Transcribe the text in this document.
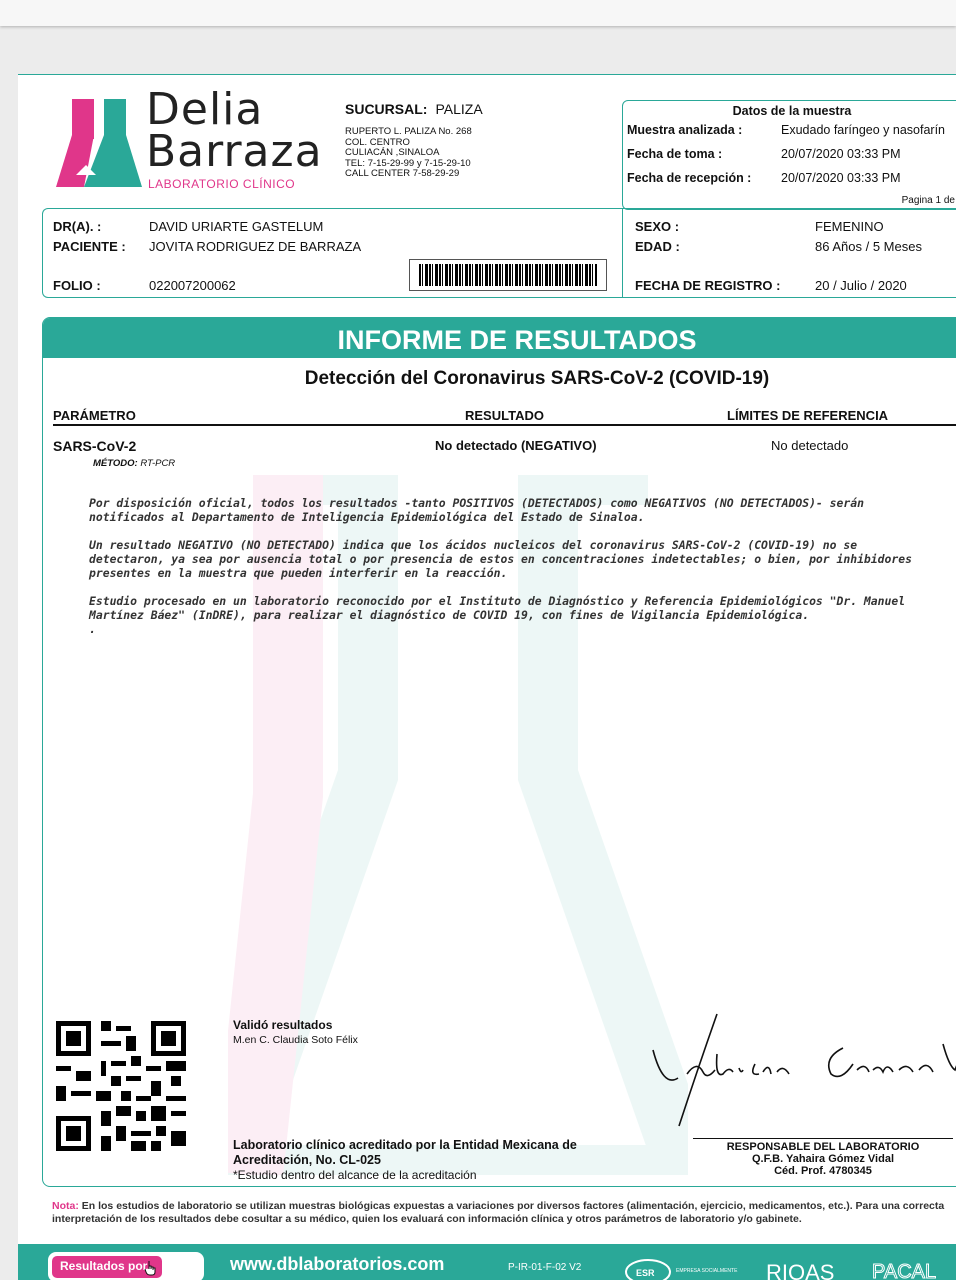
Delia
Barraza
LABORATORIO CLÍNICO
SUCURSAL: PALIZA
RUPERTO L. PALIZA No. 268
COL. CENTRO
CULIACÁN ,SINALOA
TEL: 7-15-29-99 y 7-15-29-10
CALL CENTER 7-58-29-29
Datos de la muestra
Muestra analizada :	Exudado faríngeo y nasofarín
Fecha de toma :	20/07/2020 03:33 PM
Fecha de recepción :	20/07/2020 03:33 PM
Pagina 1 de
DR(A). :	DAVID URIARTE GASTELUM
PACIENTE :	JOVITA RODRIGUEZ DE BARRAZA
FOLIO :	022007200062
SEXO :	FEMENINO
EDAD :	86 Años / 5 Meses
FECHA DE REGISTRO :	20 / Julio / 2020
INFORME DE RESULTADOS
Detección del Coronavirus SARS-CoV-2 (COVID-19)
PARÁMETRO	RESULTADO	LÍMITES DE REFERENCIA
SARS-CoV-2	No detectado (NEGATIVO)	No detectado
MÉTODO: RT-PCR

Por disposición oficial, todos los resultados -tanto POSITIVOS (DETECTADOS) como NEGATIVOS (NO DETECTADOS)- serán notificados al Departamento de Inteligencia Epidemiológica del Estado de Sinaloa.

Un resultado NEGATIVO (NO DETECTADO) indica que los ácidos nucleicos del coronavirus SARS-CoV-2 (COVID-19) no se detectaron, ya sea por ausencia total o por presencia de estos en concentraciones indetectables; o bien, por inhibidores presentes en la muestra que pueden interferir en la reacción.

Estudio procesado en un laboratorio reconocido por el Instituto de Diagnóstico y Referencia Epidemiológicos "Dr. Manuel Martínez Báez" (InDRE), para realizar el diagnóstico de COVID 19, con fines de Vigilancia Epidemiológica.

.
Validó resultados
M.en C. Claudia Soto Félix
Laboratorio clínico acreditado por la Entidad Mexicana de
Acreditación, No. CL-025
*Estudio dentro del alcance de la acreditación
Yahaira Gómez V.
RESPONSABLE DEL LABORATORIO
Q.F.B. Yahaira Gómez Vidal
Céd. Prof. 4780345
Nota: En los estudios de laboratorio se utilizan muestras biológicas expuestas a variaciones por diversos factores (alimentación, ejercicio, medicamentos, etc.). Para una correcta interpretación de los resultados debe cosultar a su médico, quien los evaluará con información clínica y otros parámetros de laboratorio y/o gabinete.
Resultados por	www.dblaboratorios.com	P-IR-01-F-02 V2	ESR	EMPRESA SOCIALMENTE RIOAS PACAL
